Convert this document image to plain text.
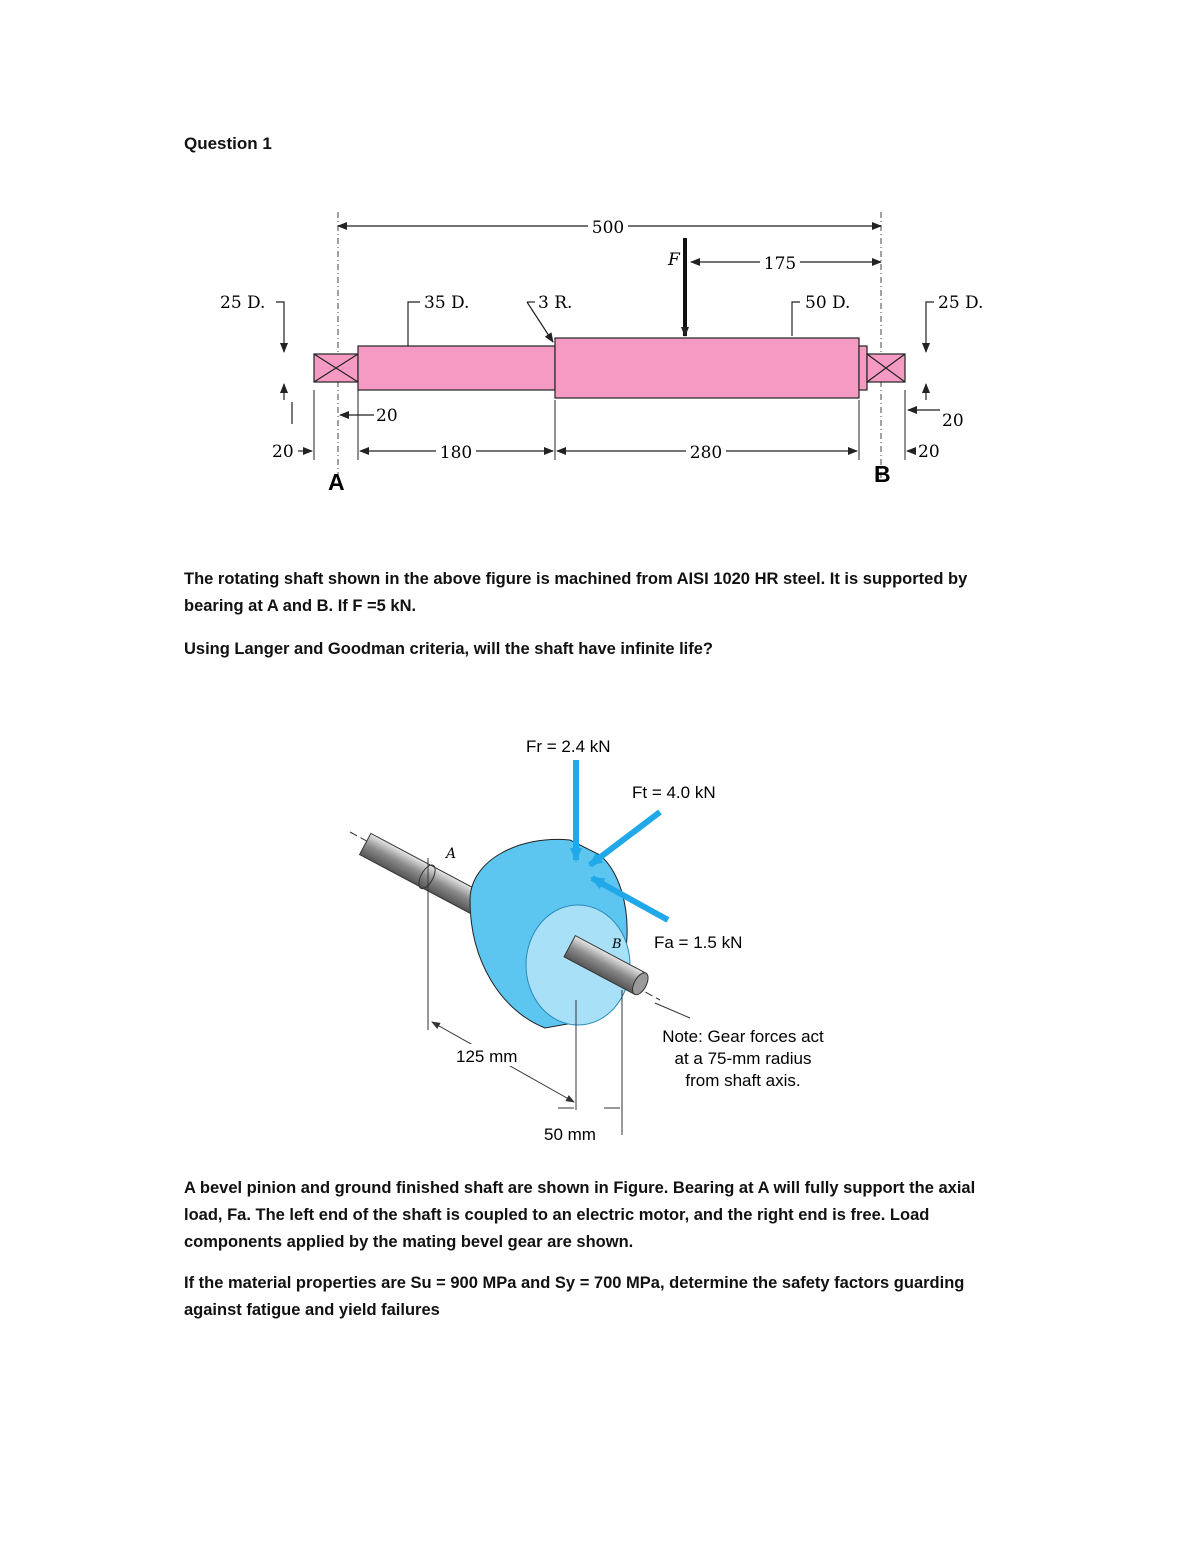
Question 1

500
F	175
25 D.	35 D.	3 R.	50 D.	25 D.
20
20	180	280
20
20
A	B

The rotating shaft shown in the above figure is machined from AISI 1020 HR steel. It is supported by
bearing at A and B. If F =5 kN.

Using Langer and Goodman criteria, will the shaft have infinite life?

A
B
Fr = 2.4 kN
Ft = 4.0 kN
Fa = 1.5 kN
125 mm
50 mm
Note: Gear forces act
at a 75-mm radius
from shaft axis.

A bevel pinion and ground finished shaft are shown in Figure. Bearing at A will fully support the axial
load, Fa. The left end of the shaft is coupled to an electric motor, and the right end is free. Load
components applied by the mating bevel gear are shown.

If the material properties are Su = 900 MPa and Sy = 700 MPa, determine the safety factors guarding
against fatigue and yield failures
